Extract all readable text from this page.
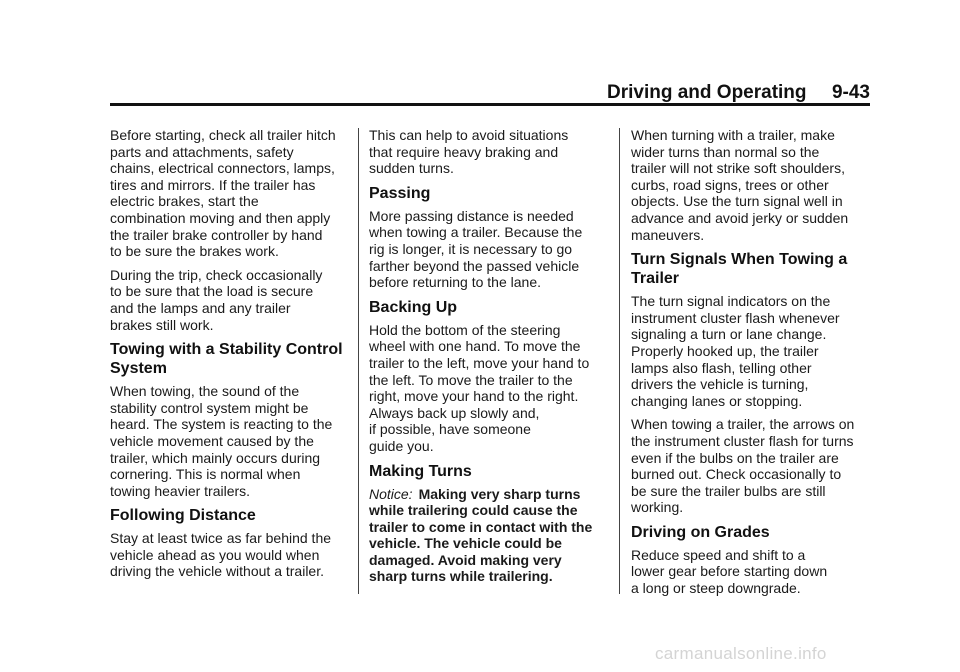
Driving and Operating 9-43

Before starting, check all trailer hitch
parts and attachments, safety
chains, electrical connectors, lamps,
tires and mirrors. If the trailer has
electric brakes, start the
combination moving and then apply
the trailer brake controller by hand
to be sure the brakes work.

During the trip, check occasionally
to be sure that the load is secure
and the lamps and any trailer
brakes still work.

Towing with a Stability Control
System

When towing, the sound of the
stability control system might be
heard. The system is reacting to the
vehicle movement caused by the
trailer, which mainly occurs during
cornering. This is normal when
towing heavier trailers.

Following Distance

Stay at least twice as far behind the
vehicle ahead as you would when
driving the vehicle without a trailer.

This can help to avoid situations
that require heavy braking and
sudden turns.

Passing

More passing distance is needed
when towing a trailer. Because the
rig is longer, it is necessary to go
farther beyond the passed vehicle
before returning to the lane.

Backing Up

Hold the bottom of the steering
wheel with one hand. To move the
trailer to the left, move your hand to
the left. To move the trailer to the
right, move your hand to the right.
Always back up slowly and,
if possible, have someone
guide you.

Making Turns

Notice: Making very sharp turns
while trailering could cause the
trailer to come in contact with the
vehicle. The vehicle could be
damaged. Avoid making very
sharp turns while trailering.

When turning with a trailer, make
wider turns than normal so the
trailer will not strike soft shoulders,
curbs, road signs, trees or other
objects. Use the turn signal well in
advance and avoid jerky or sudden
maneuvers.

Turn Signals When Towing a
Trailer

The turn signal indicators on the
instrument cluster flash whenever
signaling a turn or lane change.
Properly hooked up, the trailer
lamps also flash, telling other
drivers the vehicle is turning,
changing lanes or stopping.

When towing a trailer, the arrows on
the instrument cluster flash for turns
even if the bulbs on the trailer are
burned out. Check occasionally to
be sure the trailer bulbs are still
working.

Driving on Grades

Reduce speed and shift to a
lower gear before starting down
a long or steep downgrade.

carmanualsonline.info
